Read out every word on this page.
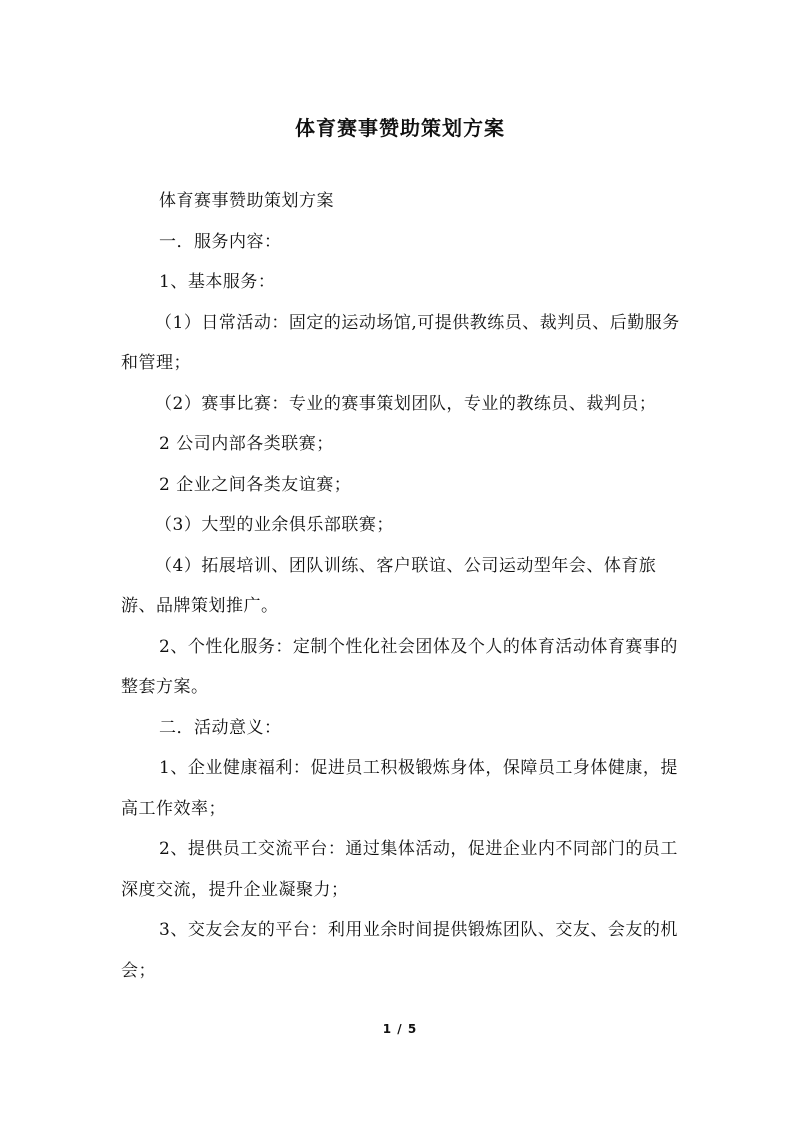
体育赛事赞助策划方案

体育赛事赞助策划方案

一．服务内容：

1、基本服务：

（1）日常活动：固定的运动场馆,可提供教练员、裁判员、后勤服务和管理；

（2）赛事比赛：专业的赛事策划团队，专业的教练员、裁判员；

2 公司内部各类联赛；

2 企业之间各类友谊赛；

（3）大型的业余俱乐部联赛；

（4）拓展培训、团队训练、客户联谊、公司运动型年会、体育旅游、品牌策划推广。

2、个性化服务：定制个性化社会团体及个人的体育活动体育赛事的整套方案。

二．活动意义：

1、企业健康福利：促进员工积极锻炼身体，保障员工身体健康，提高工作效率；

2、提供员工交流平台：通过集体活动，促进企业内不同部门的员工深度交流，提升企业凝聚力；

3、交友会友的平台：利用业余时间提供锻炼团队、交友、会友的机会；

1 / 5
